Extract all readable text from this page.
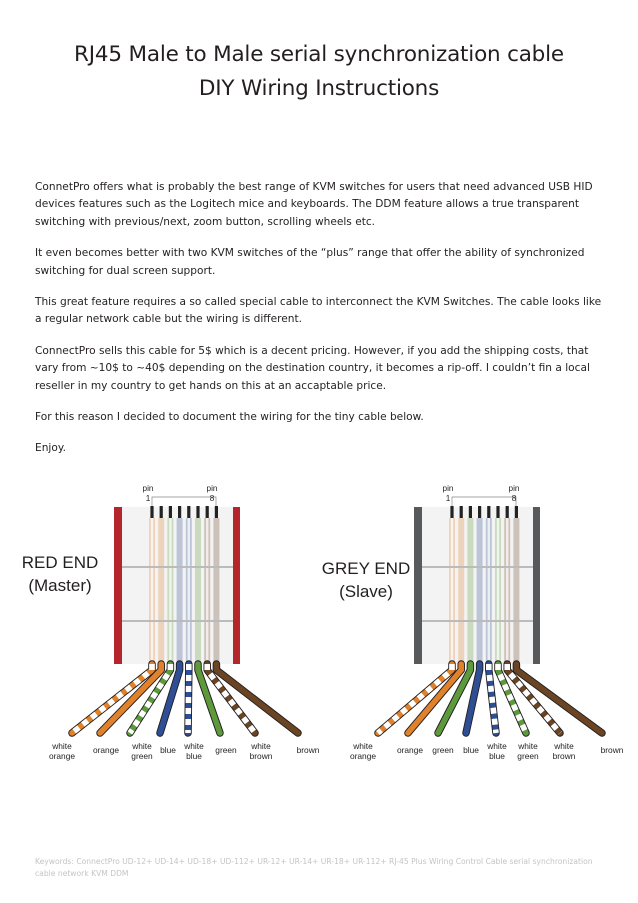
RJ45 Male to Male serial synchronization cable
DIY Wiring Instructions

ConnetPro offers what is probably the best range of KVM switches for users that need advanced USB HID devices features such as the Logitech mice and keyboards. The DDM feature allows a true transparent switching with previous/next, zoom button, scrolling wheels etc.

It even becomes better with two KVM switches of the “plus” range that offer the ability of synchronized switching for dual screen support.

This great feature requires a so called special cable to interconnect the KVM Switches. The cable looks like a regular network cable but the wiring is different.

ConnectPro sells this cable for 5$ which is a decent pricing. However, if you add the shipping costs, that vary from ~10$ to ~40$ depending on the destination country, it becomes a rip-off. I couldn’t fin a local reseller in my country to get hands on this at an accaptable price.

For this reason I decided to document the wiring for the tiny cable below.

Enjoy.

RED END
(Master)
GREY END
(Slave)
pin
1
pin
8
pin
1
pin
8
white
orange
orange	white
green
blue white
blue
green	white
brown
brown	white
orange
orange	green	blue white
blue
white
green
white
brown
brown
Keywords: ConnectPro UD-12+ UD-14+ UD-18+ UD-112+ UR-12+ UR-14+ UR-18+ UR-112+ RJ-45 Plus Wiring Control Cable serial synchronization cable network KVM DDM
